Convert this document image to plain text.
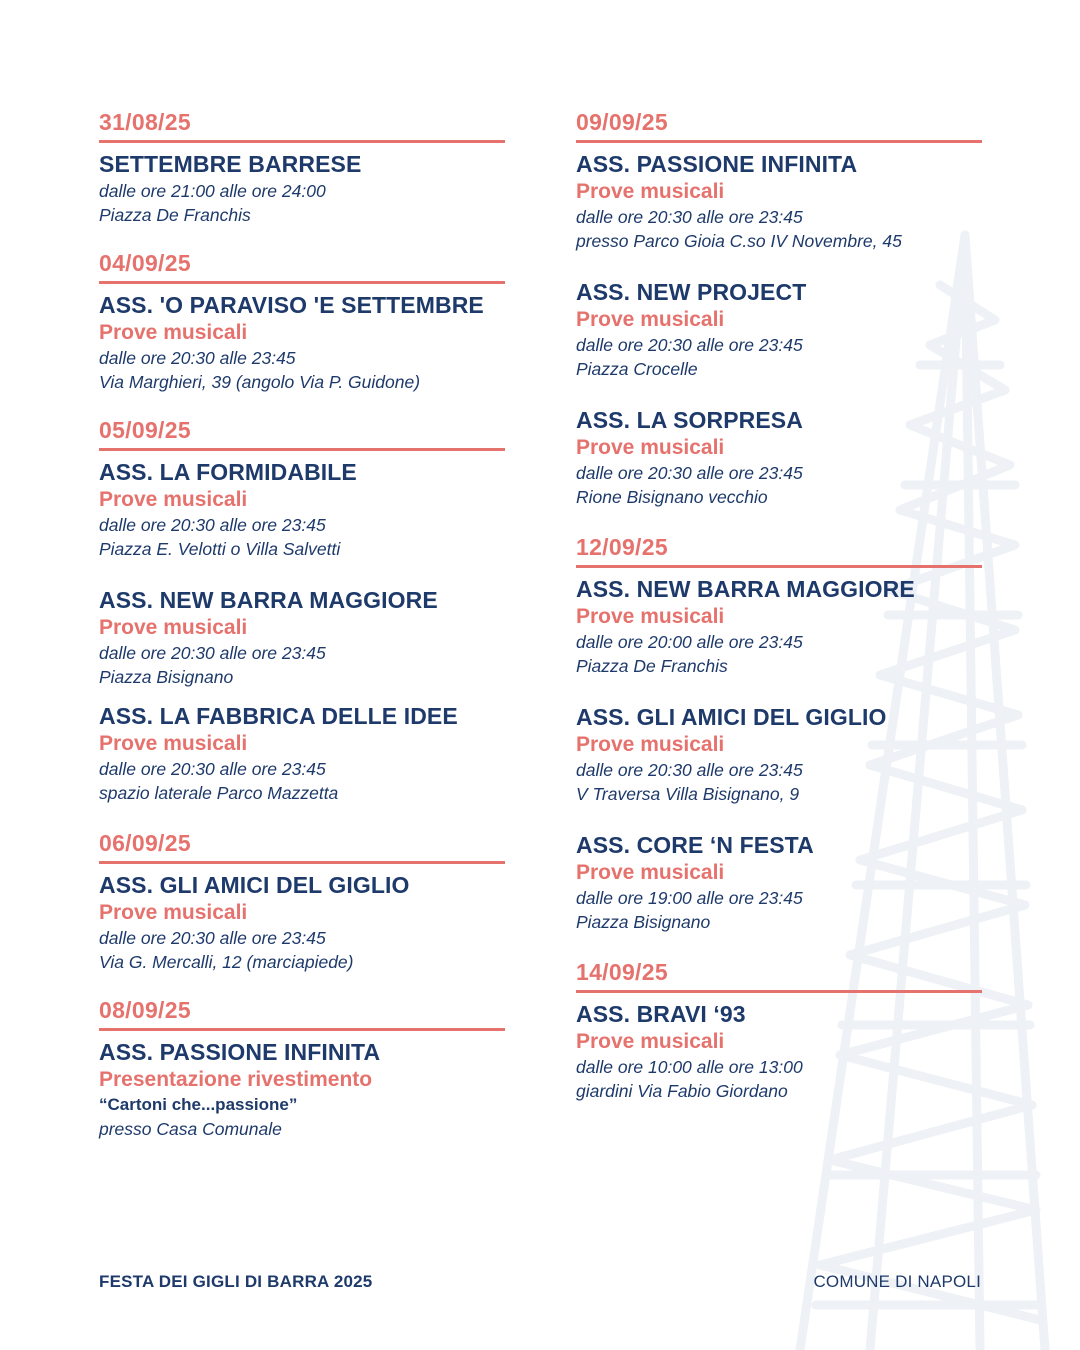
31/08/25
SETTEMBRE BARRESE
dalle ore 21:00 alle ore 24:00
Piazza De Franchis
04/09/25
ASS. 'O PARAVISO 'E SETTEMBRE
Prove musicali
dalle ore 20:30 alle 23:45
Via Marghieri, 39 (angolo Via P. Guidone)
05/09/25
ASS. LA FORMIDABILE
Prove musicali
dalle ore 20:30 alle ore 23:45
Piazza E. Velotti o Villa Salvetti
ASS. NEW BARRA MAGGIORE
Prove musicali
dalle ore 20:30 alle ore 23:45
Piazza Bisignano
ASS. LA FABBRICA DELLE IDEE
Prove musicali
dalle ore 20:30 alle ore 23:45
spazio laterale Parco Mazzetta
06/09/25
ASS. GLI AMICI DEL GIGLIO
Prove musicali
dalle ore 20:30 alle ore 23:45
Via G. Mercalli, 12 (marciapiede)
08/09/25
ASS. PASSIONE INFINITA
Presentazione rivestimento
“Cartoni che...passione”
presso Casa Comunale
09/09/25
ASS. PASSIONE INFINITA
Prove musicali
dalle ore 20:30 alle ore 23:45
presso Parco Gioia C.so IV Novembre, 45
ASS. NEW PROJECT
Prove musicali
dalle ore 20:30 alle ore 23:45
Piazza Crocelle
ASS. LA SORPRESA
Prove musicali
dalle ore 20:30 alle ore 23:45
Rione Bisignano vecchio
12/09/25
ASS. NEW BARRA MAGGIORE
Prove musicali
dalle ore 20:00 alle ore 23:45
Piazza De Franchis
ASS. GLI AMICI DEL GIGLIO
Prove musicali
dalle ore 20:30 alle ore 23:45
V Traversa Villa Bisignano, 9
ASS. CORE ‘N FESTA
Prove musicali
dalle ore 19:00 alle ore 23:45
Piazza Bisignano
14/09/25
ASS. BRAVI ‘93
Prove musicali
dalle ore 10:00 alle ore 13:00
giardini Via Fabio Giordano
FESTA DEI GIGLI DI BARRA 2025	COMUNE DI NAPOLI
